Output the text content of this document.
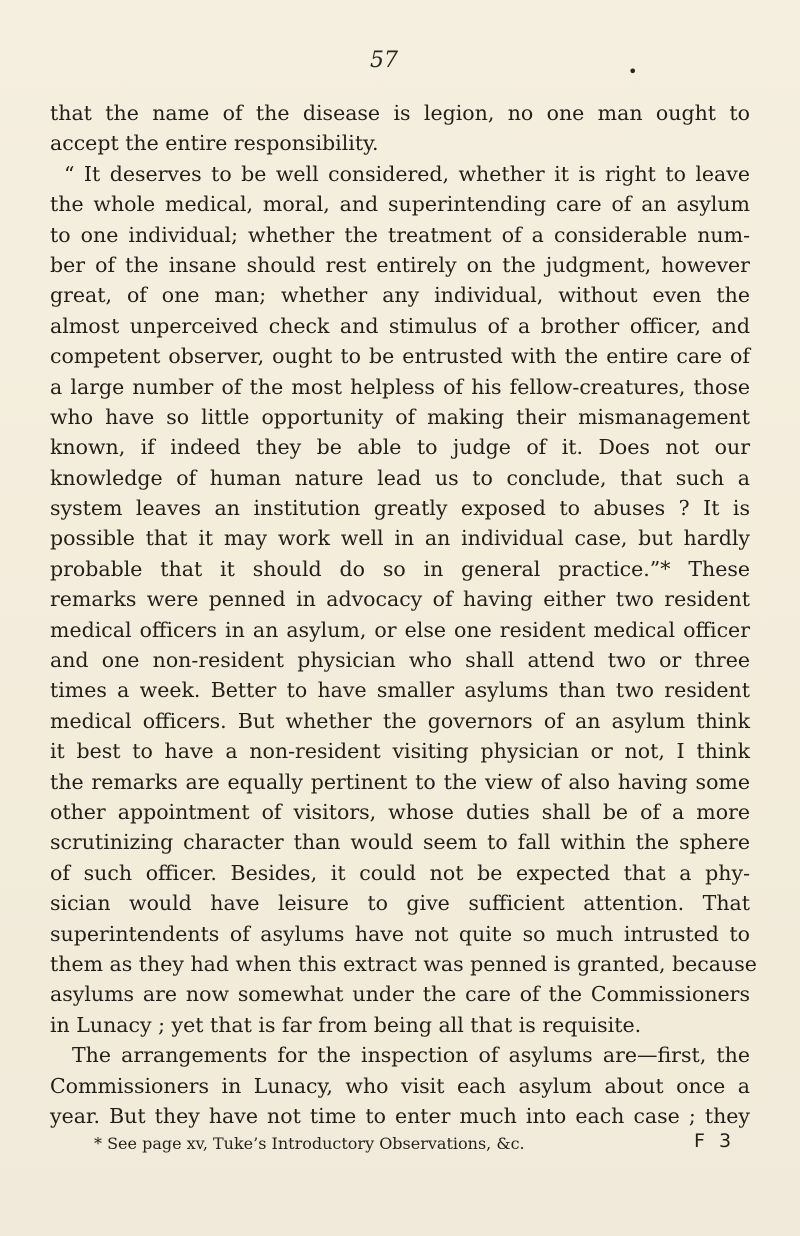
57	•
that the name of the disease is legion, no one man ought to
accept the entire responsibility.
“ It deserves to be well considered, whether it is right to leave
the whole medical, moral, and superintending care of an asylum
to one individual; whether the treatment of a considerable num-
ber of the insane should rest entirely on the judgment, however
great, of one man; whether any individual, without even the
almost unperceived check and stimulus of a brother officer, and
competent observer, ought to be entrusted with the entire care of
a large number of the most helpless of his fellow-creatures, those
who have so little opportunity of making their mismanagement
known, if indeed they be able to judge of it. Does not our
knowledge of human nature lead us to conclude, that such a
system leaves an institution greatly exposed to abuses ? It is
possible that it may work well in an individual case, but hardly
probable that it should do so in general practice.”* These
remarks were penned in advocacy of having either two resident
medical officers in an asylum, or else one resident medical officer
and one non-resident physician who shall attend two or three
times a week. Better to have smaller asylums than two resident
medical officers. But whether the governors of an asylum think
it best to have a non-resident visiting physician or not, I think
the remarks are equally pertinent to the view of also having some
other appointment of visitors, whose duties shall be of a more
scrutinizing character than would seem to fall within the sphere
of such officer. Besides, it could not be expected that a phy-
sician would have leisure to give sufficient attention. That
superintendents of asylums have not quite so much intrusted to
them as they had when this extract was penned is granted, because
asylums are now somewhat under the care of the Commissioners
in Lunacy ; yet that is far from being all that is requisite.
The arrangements for the inspection of asylums are—first, the
Commissioners in Lunacy, who visit each asylum about once a
year. But they have not time to enter much into each case ; they
* See page xv, Tuke’s Introductory Observations, &c.	F 3
